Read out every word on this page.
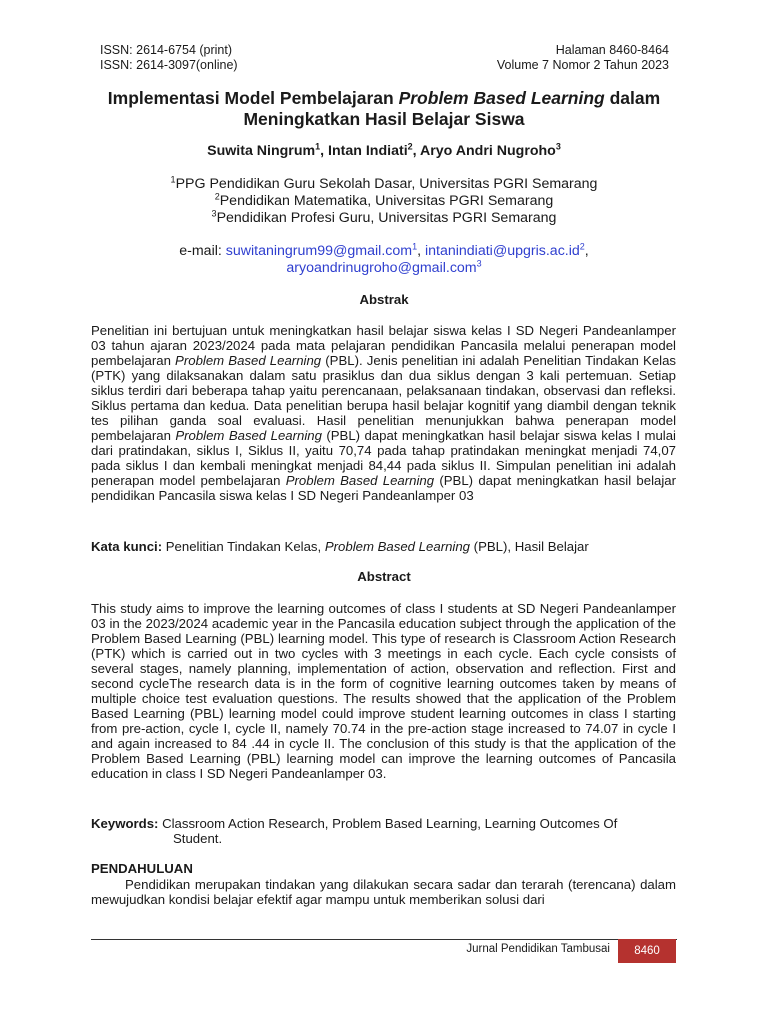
ISSN: 2614-6754 (print)
ISSN: 2614-3097(online)
Halaman 8460-8464
Volume 7 Nomor 2 Tahun 2023
Implementasi Model Pembelajaran Problem Based Learning dalam
Meningkatkan Hasil Belajar Siswa
Suwita Ningrum$^1$, Intan Indiati$^2$, Aryo Andri Nugroho$^3$
$^1$PPG Pendidikan Guru Sekolah Dasar, Universitas PGRI Semarang
$^2$Pendidikan Matematika, Universitas PGRI Semarang
$^3$Pendidikan Profesi Guru, Universitas PGRI Semarang
e-mail: suwitaningrum99@gmail.com$^1$, $intanindiati@upgris.ac.id^2$,
aryoandrinugroho@gmail.com$^3$
Abstrak
Penelitian ini bertujuan untuk meningkatkan hasil belajar siswa kelas I SD Negeri Pandeanlamper 03 tahun ajaran 2023/2024 pada mata pelajaran pendidikan Pancasila melalui penerapan model pembelajaran Problem Based Learning (PBL). Jenis penelitian ini adalah Penelitian Tindakan Kelas (PTK) yang dilaksanakan dalam satu prasiklus dan dua siklus dengan 3 kali pertemuan. Setiap siklus terdiri dari beberapa tahap yaitu perencanaan, pelaksanaan tindakan, observasi dan refleksi. Siklus pertama dan kedua. Data penelitian berupa hasil belajar kognitif yang diambil dengan teknik tes pilihan ganda soal evaluasi. Hasil penelitian menunjukkan bahwa penerapan model pembelajaran Problem Based Learning (PBL) dapat meningkatkan hasil belajar siswa kelas I mulai dari pratindakan, siklus I, Siklus II, yaitu 70,74 pada tahap pratindakan meningkat menjadi 74,07 pada siklus I dan kembali meningkat menjadi 84,44 pada siklus II. Simpulan penelitian ini adalah penerapan model pembelajaran Problem Based Learning (PBL) dapat meningkatkan hasil belajar pendidikan Pancasila siswa kelas I SD Negeri Pandeanlamper 03
Kata kunci: Penelitian Tindakan Kelas, Problem Based Learning (PBL), Hasil Belajar
Abstract
This study aims to improve the learning outcomes of class I students at SD Negeri Pandeanlamper 03 in the 2023/2024 academic year in the Pancasila education subject through the application of the Problem Based Learning (PBL) learning model. This type of research is Classroom Action Research (PTK) which is carried out in two cycles with 3 meetings in each cycle. Each cycle consists of several stages, namely planning, implementation of action, observation and reflection. First and second cycleThe research data is in the form of cognitive learning outcomes taken by means of multiple choice test evaluation questions. The results showed that the application of the Problem Based Learning (PBL) learning model could improve student learning outcomes in class I starting from pre-action, cycle I, cycle II, namely 70.74 in the pre-action stage increased to 74.07 in cycle I and again increased to 84 .44 in cycle II. The conclusion of this study is that the application of the Problem Based Learning (PBL) learning model can improve the learning outcomes of Pancasila education in class I SD Negeri Pandeanlamper 03.
Keywords: Classroom Action Research, Problem Based Learning, Learning Outcomes Of
Student.
PENDAHULUAN
Pendidikan merupakan tindakan yang dilakukan secara sadar dan terarah (terencana) dalam mewujudkan kondisi belajar efektif agar mampu untuk memberikan solusi dari
Jurnal Pendidikan Tambusai	8460
